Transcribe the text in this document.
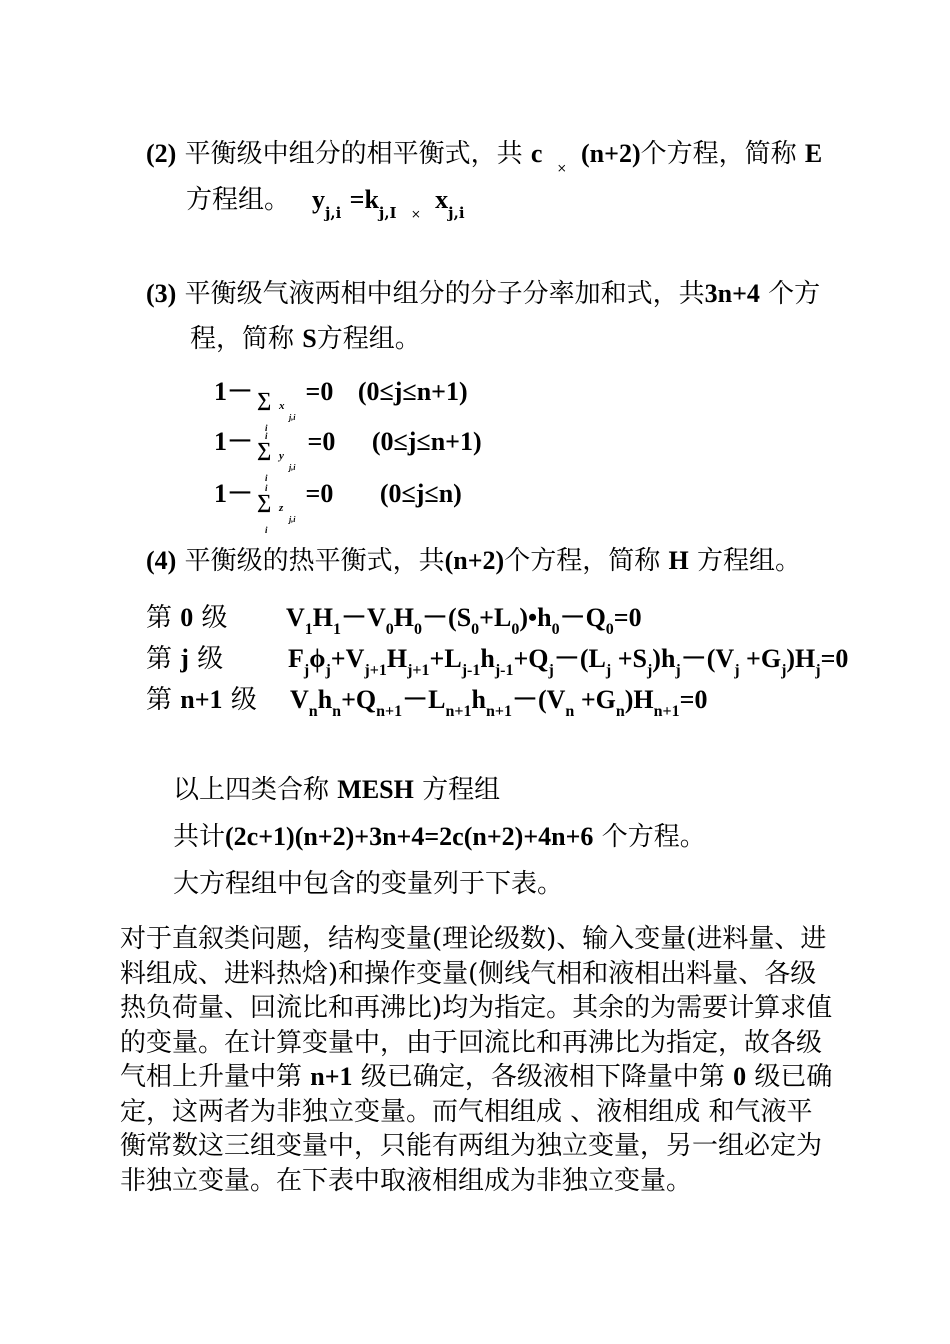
(2) 平衡级中组分的相平衡式，共 c $_\times$ (n+2)个方程，简称 E
方程组。 $y_{j,i} =k_{j,I}$ $_\times$ $x_{j,i}$
(3) 平衡级气液两相中组分的分子分率加和式，共3n+4 个方
程，简称 S方程组。
1－ ∑ x
j,i
i
=0 (0≤j≤n+1)
1－ i
∑ y
j,i
i
=0 (0≤j≤n+1)
1－ i
∑ z
j,i
i
=0 (0≤j≤n)
(4) 平衡级的热平衡式，共(n+2)个方程，简称 H 方程组。
第 0 级 $V_1H_1-V_0H_0-(S_0+L_0)•h_0-Q_0=0$
第 j 级 $F_j\phi_j+V_{j+1}H_{j+1}+L_{j-1}h_{j-1}+Q_j-(L_j +S_j)h_j-(V_j +G_j)H_j=0$
第 n+1 级 $V_nh_n+Q_{n+1}-L_{n+1}h_{n+1}-(V_n +G_n)H_{n+1}=0$
以上四类合称 MESH 方程组
共计(2c+1)(n+2)+3n+4=2c(n+2)+4n+6 个方程。
大方程组中包含的变量列于下表。
对于直叙类问题，结构变量(理论级数)、输入变量(进料量、进
料组成、进料热焓)和操作变量(侧线气相和液相出料量、各级
热负荷量、回流比和再沸比)均为指定。其余的为需要计算求值
的变量。在计算变量中，由于回流比和再沸比为指定，故各级
气相上升量中第 n+1 级已确定，各级液相下降量中第 0 级已确
定，这两者为非独立变量。而气相组成 、液相组成 和气液平
衡常数这三组变量中，只能有两组为独立变量，另一组必定为
非独立变量。在下表中取液相组成为非独立变量。
